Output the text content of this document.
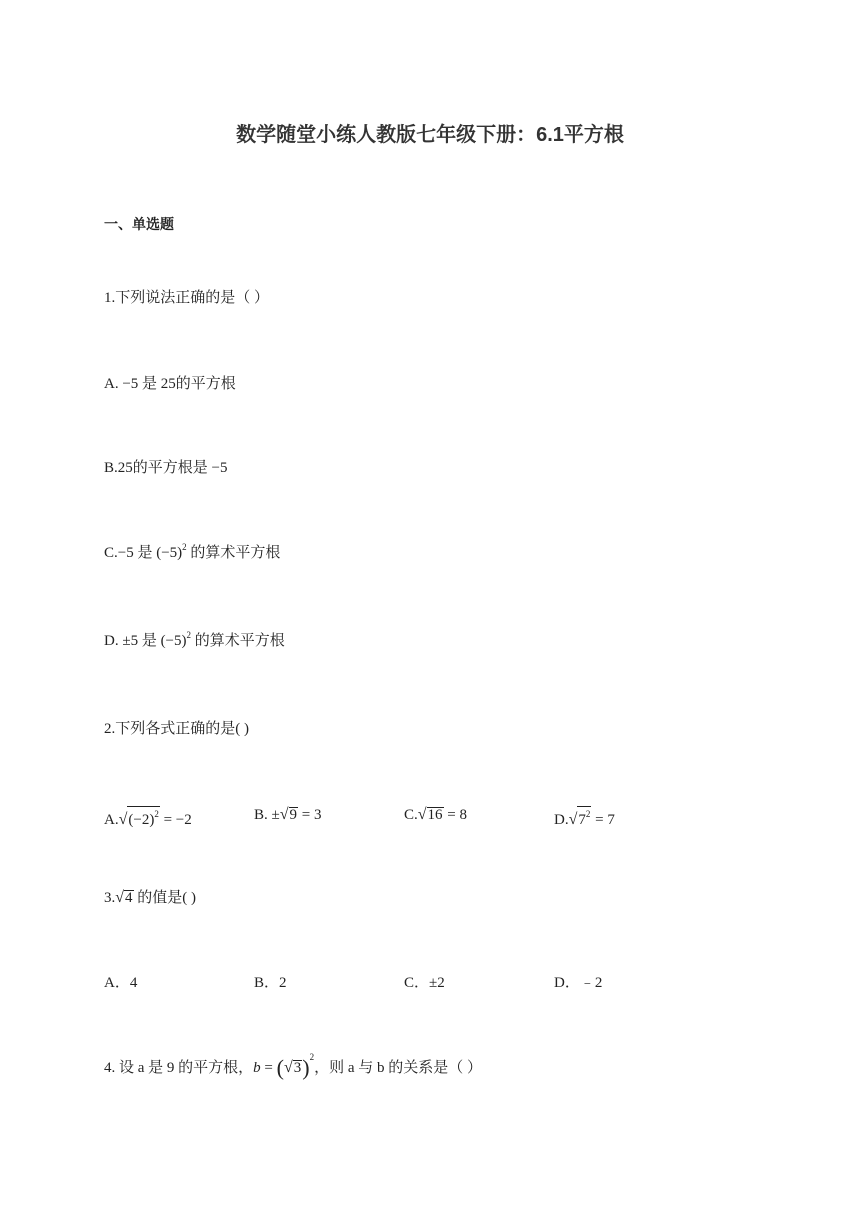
数学随堂小练人教版七年级下册：6.1平方根
一、单选题
1.下列说法正确的是（ ）
A. −5 是 25的平方根
B.25的平方根是 −5
C.−5 是 $(-5)^2$ 的算术平方根
D. ±5 是 $(-5)^2$ 的算术平方根
2.下列各式正确的是( )
$A.√(-2)^2 = -2$	B. ±√9 = 3	C.√16 = 8	$D.√7^2 = 7$
3.√4 的值是( )
A．4	B．2	C．±2	D．﹣2
4. 设 a 是 9 的平方根，$b = (√3)^2$，则 a 与 b 的关系是（ ）
